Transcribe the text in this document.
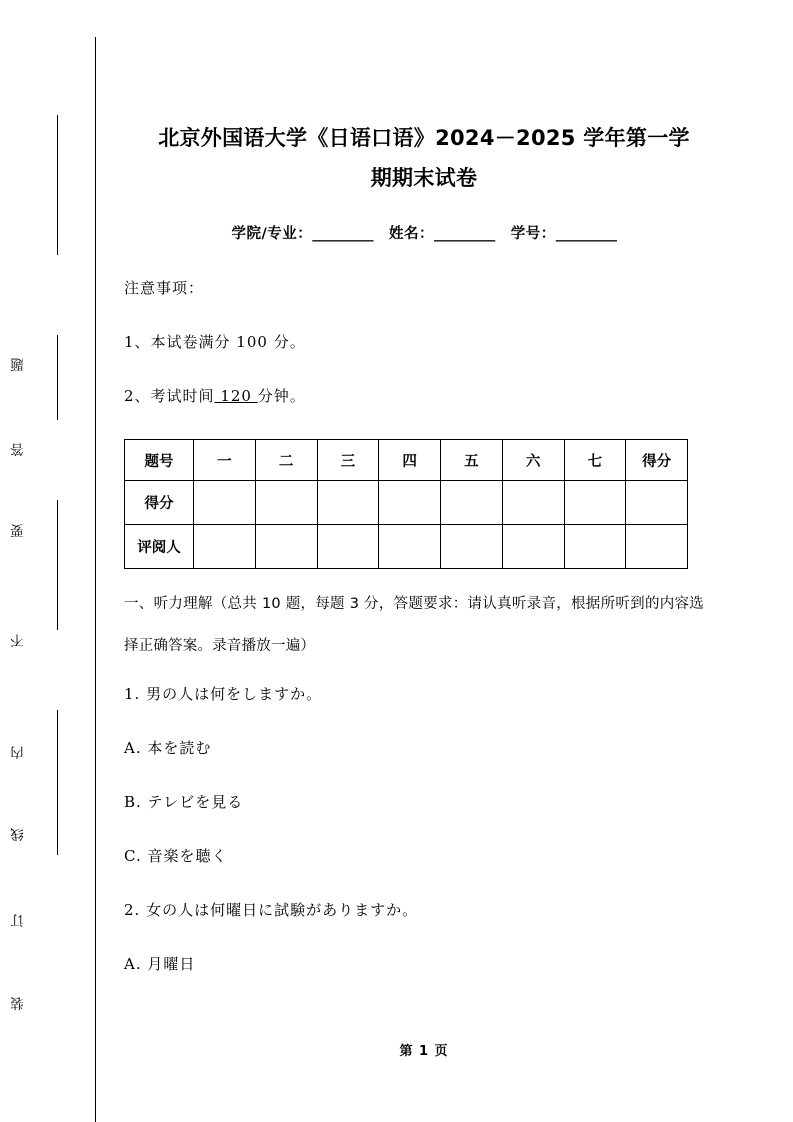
题
答
要
不
内
线
订
装
北京外国语大学《日语口语》2024－2025 学年第一学
期期末试卷
学院/专业：_________ 姓名：_________ 学号：_________
注意事项：
1、本试卷满分 100 分。
2、考试时间 120 分钟。
题号	一	二	三	四	五	六	七	得分
得分								
评阅人								
一、听力理解（总共 10 题，每题 3 分，答题要求：请认真听录音，根据所听到的内容选择正确答案。录音播放一遍）
1. 男の人は何をしますか。
A. 本を読む
B. テレビを見る
C. 音楽を聴く
2. 女の人は何曜日に試験がありますか。
A. 月曜日
第 1 页
